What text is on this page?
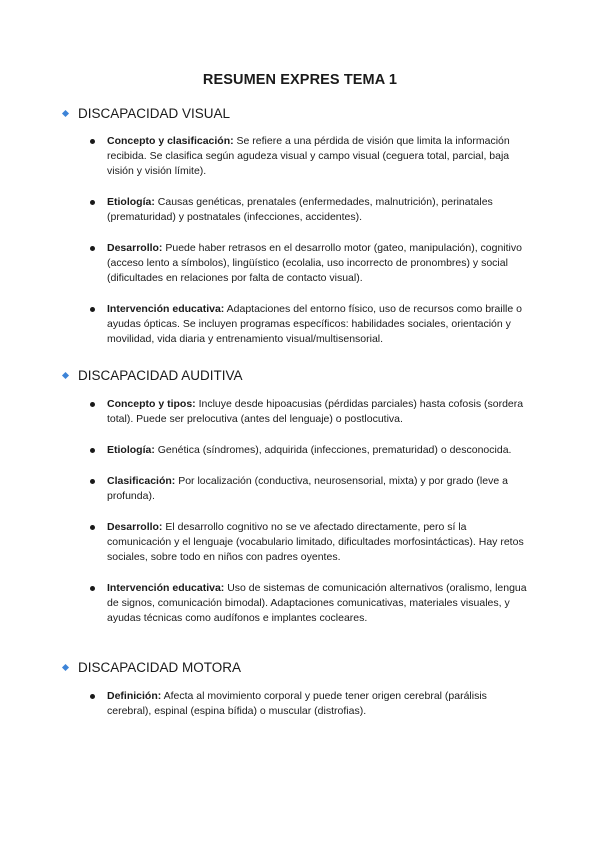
RESUMEN EXPRES TEMA 1
DISCAPACIDAD VISUAL
Concepto y clasificación: Se refiere a una pérdida de visión que limita la información recibida. Se clasifica según agudeza visual y campo visual (ceguera total, parcial, baja visión y visión límite).
Etiología: Causas genéticas, prenatales (enfermedades, malnutrición), perinatales (prematuridad) y postnatales (infecciones, accidentes).
Desarrollo: Puede haber retrasos en el desarrollo motor (gateo, manipulación), cognitivo (acceso lento a símbolos), lingüístico (ecolalia, uso incorrecto de pronombres) y social (dificultades en relaciones por falta de contacto visual).
Intervención educativa: Adaptaciones del entorno físico, uso de recursos como braille o ayudas ópticas. Se incluyen programas específicos: habilidades sociales, orientación y movilidad, vida diaria y entrenamiento visual/multisensorial.
DISCAPACIDAD AUDITIVA
Concepto y tipos: Incluye desde hipoacusias (pérdidas parciales) hasta cofosis (sordera total). Puede ser prelocutiva (antes del lenguaje) o postlocutiva.
Etiología: Genética (síndromes), adquirida (infecciones, prematuridad) o desconocida.
Clasificación: Por localización (conductiva, neurosensorial, mixta) y por grado (leve a profunda).
Desarrollo: El desarrollo cognitivo no se ve afectado directamente, pero sí la comunicación y el lenguaje (vocabulario limitado, dificultades morfosintácticas). Hay retos sociales, sobre todo en niños con padres oyentes.
Intervención educativa: Uso de sistemas de comunicación alternativos (oralismo, lengua de signos, comunicación bimodal). Adaptaciones comunicativas, materiales visuales, y ayudas técnicas como audífonos e implantes cocleares.
DISCAPACIDAD MOTORA
Definición: Afecta al movimiento corporal y puede tener origen cerebral (parálisis cerebral), espinal (espina bífida) o muscular (distrofias).
